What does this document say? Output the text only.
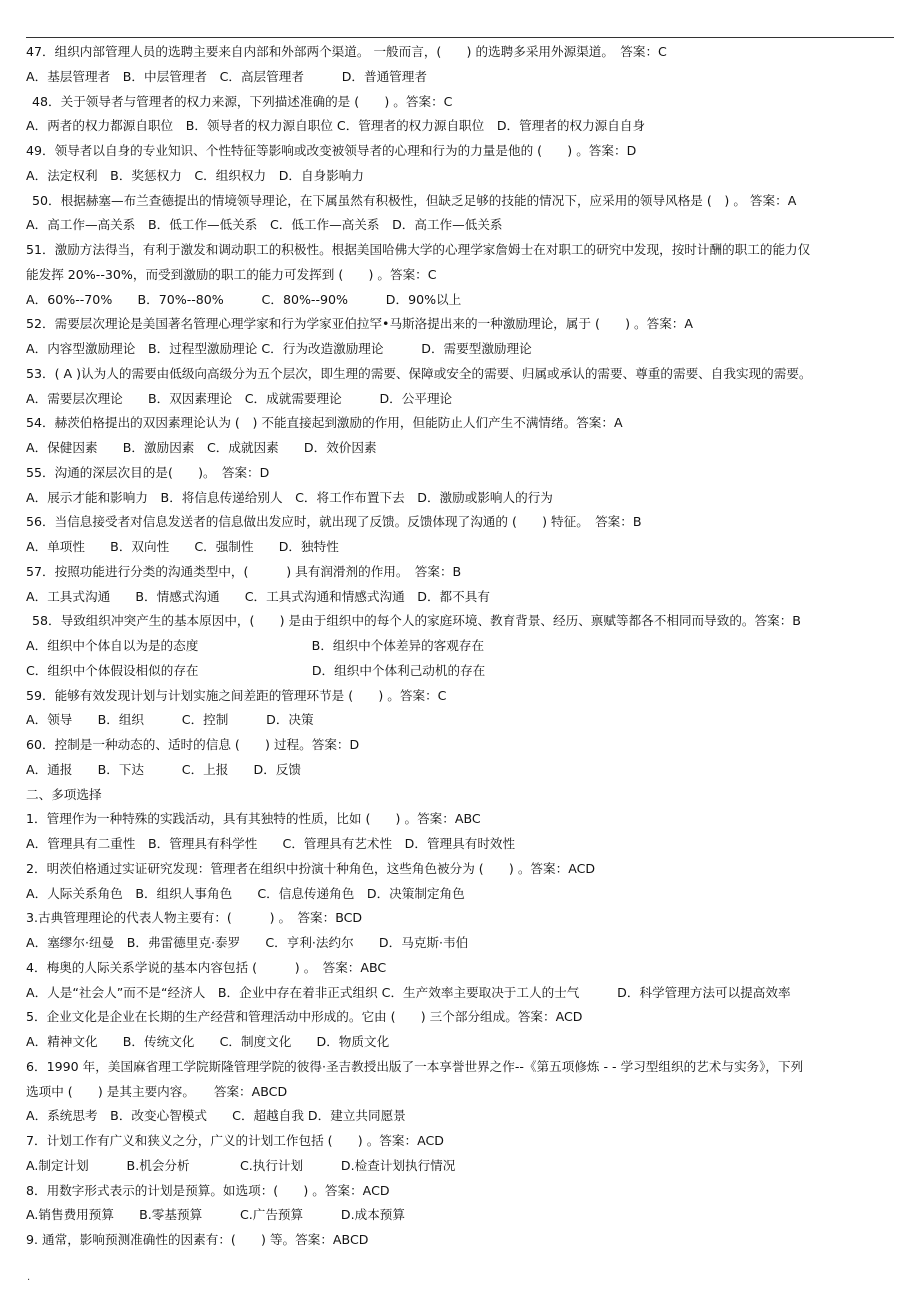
47．组织内部管理人员的选聘主要来自内部和外部两个渠道。 一般而言，(　　) 的选聘多采用外源渠道。　答案：C
A．基层管理者　B．中层管理者　C．高层管理者　　　D．普通管理者
48．关于领导者与管理者的权力来源，下列描述准确的是 (　　) 。答案：C
A．两者的权力都源自职位　B．领导者的权力源自职位 C．管理者的权力源自职位　D．管理者的权力源自自身
49．领导者以自身的专业知识、个性特征等影响或改变被领导者的心理和行为的力量是他的 (　　) 。答案：D
A．法定权利　B．奖惩权力　C．组织权力　D．自身影响力
50．根据赫塞—布兰查德提出的情境领导理论，在下属虽然有积极性，但缺乏足够的技能的情况下，应采用的领导风格是 (　) 。 答案：A
A．高工作—高关系　B．低工作—低关系　C．低工作—高关系　D．高工作—低关系
51．激励方法得当，有利于激发和调动职工的积极性。根据美国哈佛大学的心理学家詹姆士在对职工的研究中发现，按时计酬的职工的能力仅
能发挥 20%--30%，而受到激励的职工的能力可发挥到 (　　) 。答案：C
A．60%--70%　　B．70%--80%　　　C．80%--90%　　　D．90%以上
52．需要层次理论是美国著名管理心理学家和行为学家亚伯拉罕•马斯洛提出来的一种激励理论，属于 (　　) 。答案：A
A．内容型激励理论　B．过程型激励理论 C．行为改造激励理论　　　D．需要型激励理论
53．( A )认为人的需要由低级向高级分为五个层次，即生理的需要、保障或安全的需要、归属或承认的需要、尊重的需要、自我实现的需要。
A．需要层次理论　　B．双因素理论　C．成就需要理论　　　D．公平理论
54．赫茨伯格提出的双因素理论认为 (　) 不能直接起到激励的作用，但能防止人们产生不满情绪。答案：A
A．保健因素　　B．激励因素　C．成就因素　　D．效价因素
55．沟通的深层次目的是(　　)。　答案：D
A．展示才能和影响力　B．将信息传递给别人　C．将工作布置下去　D．激励或影响人的行为
56．当信息接受者对信息发送者的信息做出发应时，就出现了反馈。反馈体现了沟通的 (　　) 特征。　答案：B
A．单项性　　B．双向性　　C．强制性　　D．独特性
57．按照功能进行分类的沟通类型中，(　　　) 具有润滑剂的作用。　答案：B
A．工具式沟通　　B．情感式沟通　　C．工具式沟通和情感式沟通　D．都不具有
58．导致组织冲突产生的基本原因中，(　　) 是由于组织中的每个人的家庭环境、教育背景、经历、禀赋等都各不相同而导致的。答案：B
A．组织中个体自以为是的态度　　　　　　　　　B．组织中个体差异的客观存在
C．组织中个体假设相似的存在　　　　　　　　　D．组织中个体利己动机的存在
59．能够有效发现计划与计划实施之间差距的管理环节是 (　　) 。答案：C
A．领导　　B．组织　　　C．控制　　　D．决策
60．控制是一种动态的、适时的信息 (　　) 过程。答案：D
A．通报　　B．下达　　　C．上报　　D．反馈
二、多项选择
1．管理作为一种特殊的实践活动，具有其独特的性质，比如 (　　) 。答案：ABC
A．管理具有二重性　B．管理具有科学性　　C．管理具有艺术性　D．管理具有时效性
2．明茨伯格通过实证研究发现：管理者在组织中扮演十种角色，这些角色被分为 (　　) 。答案：ACD
A．人际关系角色　B．组织人事角色　　C．信息传递角色　D．决策制定角色
3.古典管理理论的代表人物主要有：(　　　) 。　答案：BCD
A．塞缪尔·纽曼　B．弗雷德里克·泰罗　　C．亨利·法约尔　　D．马克斯·韦伯
4．梅奥的人际关系学说的基本内容包括 (　　　) 。　答案：ABC
A．人是“社会人”而不是“经济人　B．企业中存在着非正式组织 C．生产效率主要取决于工人的士气　　　D．科学管理方法可以提高效率
5．企业文化是企业在长期的生产经营和管理活动中形成的。它由 (　　) 三个部分组成。答案：ACD
A．精神文化　　B．传统文化　　C．制度文化　　D．物质文化
6．1990 年，美国麻省理工学院斯隆管理学院的彼得·圣吉教授出版了一本享誉世界之作--《第五项修炼 - - 学习型组织的艺术与实务》，下列
选项中 (　　) 是其主要内容。　　答案：ABCD
A．系统思考　B．改变心智模式　　C．超越自我 D．建立共同愿景
7．计划工作有广义和狭义之分，广义的计划工作包括 (　　) 。答案：ACD
A.制定计划　　　B.机会分析　　　　C.执行计划　　　D.检查计划执行情况
8．用数字形式表示的计划是预算。如选项：(　　) 。答案：ACD
A.销售费用预算　　B.零基预算　　　C.广告预算　　　D.成本预算
9. 通常，影响预测准确性的因素有：(　　) 等。答案：ABCD
.
